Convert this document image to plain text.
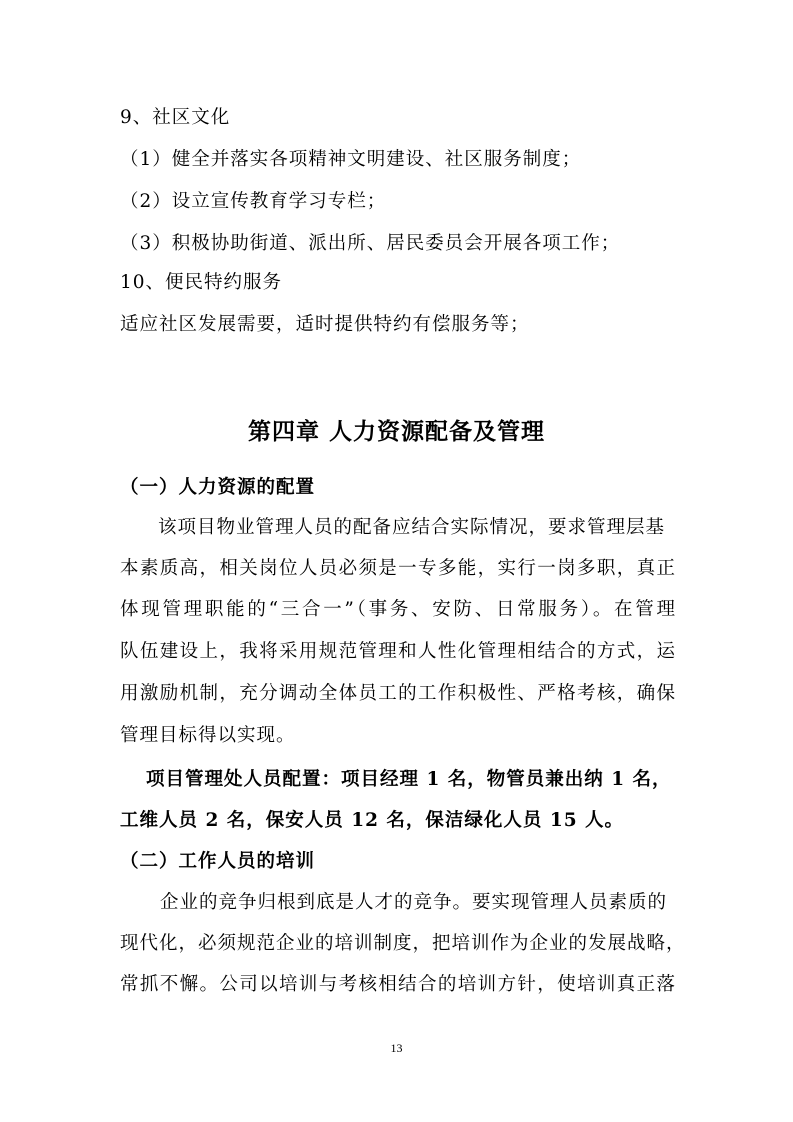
9、社区文化
（1）健全并落实各项精神文明建设、社区服务制度；
（2）设立宣传教育学习专栏；
（3）积极协助街道、派出所、居民委员会开展各项工作；
10、便民特约服务
适应社区发展需要，适时提供特约有偿服务等；
第四章 人力资源配备及管理
（一）人力资源的配置
该项目物业管理人员的配备应结合实际情况，要求管理层基
本素质高，相关岗位人员必须是一专多能，实行一岗多职，真正
体现管理职能的“三合一”（事务、安防、日常服务）。在管理
队伍建设上，我将采用规范管理和人性化管理相结合的方式，运
用激励机制，充分调动全体员工的工作积极性、严格考核，确保
管理目标得以实现。
项目管理处人员配置：项目经理 1 名，物管员兼出纳 1 名，
工维人员 2 名，保安人员 12 名，保洁绿化人员 15 人。
（二）工作人员的培训
企业的竞争归根到底是人才的竞争。要实现管理人员素质的
现代化，必须规范企业的培训制度，把培训作为企业的发展战略，
常抓不懈。公司以培训与考核相结合的培训方针，使培训真正落
13
